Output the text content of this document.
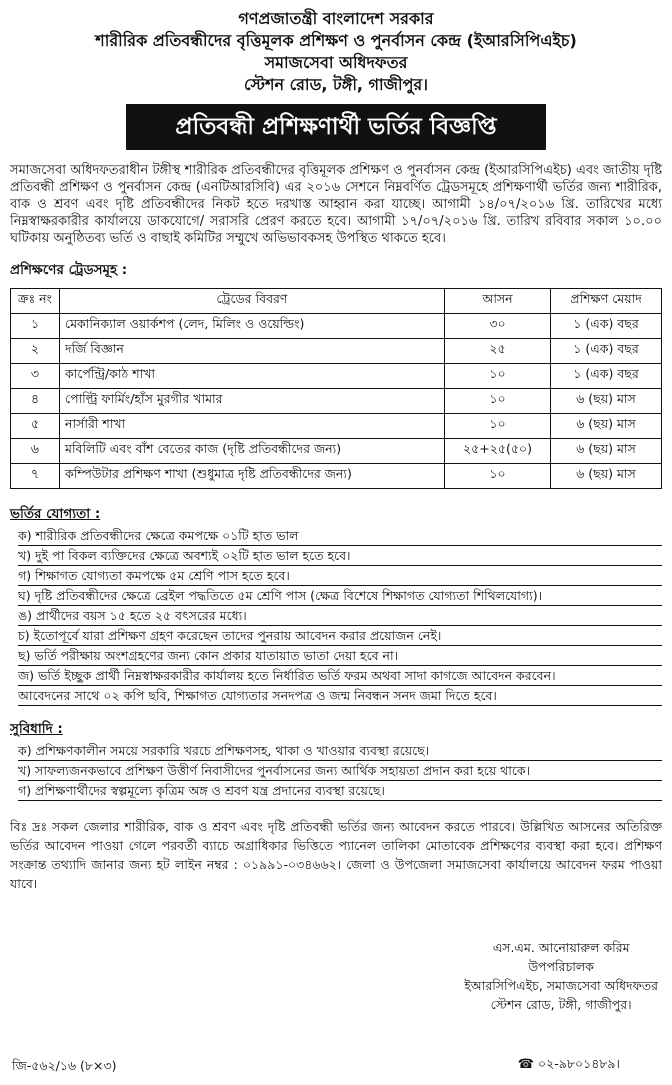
গণপ্রজাতন্ত্রী বাংলাদেশ সরকার
শারীরিক প্রতিবন্ধীদের বৃত্তিমূলক প্রশিক্ষণ ও পুনর্বাসন কেন্দ্র (ইআরসিপিএইচ)
সমাজসেবা অধিদফতর
স্টেশন রোড, টঙ্গী, গাজীপুর।
প্রতিবন্ধী প্রশিক্ষণার্থী ভর্তির বিজ্ঞপ্তি
সমাজসেবা অধিদফতরাধীন টঙ্গীস্থ শারীরিক প্রতিবন্ধীদের বৃত্তিমূলক প্রশিক্ষণ ও পুনর্বাসন কেন্দ্র (ইআরসিপিএইচ) এবং জাতীয় দৃষ্টি প্রতিবন্ধী প্রশিক্ষণ ও পুনর্বাসন কেন্দ্র (এনটিআরসিবি) এর ২০১৬ সেশনে নিম্নবর্ণিত ট্রেডসমূহে প্রশিক্ষণার্থী ভর্তির জন্য শারীরিক, বাক ও শ্রবণ এবং দৃষ্টি প্রতিবন্ধীদের নিকট হতে দরখাস্ত আহ্বান করা যাচ্ছে। আগামী ১৪/০৭/২০১৬ খ্রি. তারিখের মধ্যে নিম্নস্বাক্ষরকারীর কার্যালয়ে ডাকযোগে/ সরাসরি প্রেরণ করতে হবে। আগামী ১৭/০৭/২০১৬ খ্রি. তারিখ রবিবার সকাল ১০.০০ ঘটিকায় অনুষ্ঠিতব্য ভর্তি ও বাছাই কমিটির সম্মুখে অভিভাবকসহ উপস্থিত থাকতে হবে।
প্রশিক্ষণের ট্রেডসমূহ :
ক্রঃ নং	ট্রেডের বিবরণ	আসন	প্রশিক্ষণ মেয়াদ
১	মেকানিক্যাল ওয়ার্কশপ (লেদ, মিলিং ও ওয়েল্ডিং)	৩০	১ (এক) বছর
২	দর্জি বিজ্ঞান	২৫	১ (এক) বছর
৩	কার্পেন্ট্রি/কাঠ শাখা	১০	১ (এক) বছর
৪	পোল্ট্রি ফার্মিং/হাঁস মুরগীর খামার	১০	৬ (ছয়) মাস
৫	নার্সারী শাখা	১০	৬ (ছয়) মাস
৬	মবিলিটি এবং বাঁশ বেতের কাজ (দৃষ্টি প্রতিবন্ধীদের জন্য)	২৫+২৫(৫০)	৬ (ছয়) মাস
৭	কম্পিউটার প্রশিক্ষণ শাখা (শুধুমাত্র দৃষ্টি প্রতিবন্ধীদের জন্য)	১০	৬ (ছয়) মাস
ভর্তির যোগ্যতা :
ক) শারীরিক প্রতিবন্ধীদের ক্ষেত্রে কমপক্ষে ০১টি হাত ভাল
খ) দুই পা বিকল ব্যক্তিদের ক্ষেত্রে অবশ্যই ০২টি হাত ভাল হতে হবে।
গ) শিক্ষাগত যোগ্যতা কমপক্ষে ৫ম শ্রেণি পাস হতে হবে।
ঘ) দৃষ্টি প্রতিবন্ধীদের ক্ষেত্রে ব্রেইল পদ্ধতিতে ৫ম শ্রেণি পাস (ক্ষেত্র বিশেষে শিক্ষাগত যোগ্যতা শিথিলযোগ্য)।
ঙ) প্রার্থীদের বয়স ১৫ হতে ২৫ বৎসরের মধ্যে।
চ) ইতোপূর্বে যারা প্রশিক্ষণ গ্রহণ করেছেন তাদের পুনরায় আবেদন করার প্রয়োজন নেই।
ছ) ভর্তি পরীক্ষায় অংশগ্রহণের জন্য কোন প্রকার যাতায়াত ভাতা দেয়া হবে না।
জ) ভর্তি ইচ্ছুক প্রার্থী নিম্নস্বাক্ষরকারীর কার্যালয় হতে নির্ধারিত ভর্তি ফরম অথবা সাদা কাগজে আবেদন করবেন।
আবেদনের সাথে ০২ কপি ছবি, শিক্ষাগত যোগ্যতার সনদপত্র ও জন্ম নিবন্ধন সনদ জমা দিতে হবে।
সুবিধাদি :
ক) প্রশিক্ষণকালীন সময়ে সরকারি খরচে প্রশিক্ষণসহ, থাকা ও খাওয়ার ব্যবস্থা রয়েছে।
খ) সাফল্যজনকভাবে প্রশিক্ষণ উত্তীর্ণ নিবাসীদের পুনর্বাসনের জন্য আর্থিক সহায়তা প্রদান করা হয়ে থাকে।
গ) প্রশিক্ষণার্থীদের স্বল্পমূল্যে কৃত্রিম অঙ্গ ও শ্রবণ যন্ত্র প্রদানের ব্যবস্থা রয়েছে।
বিঃ দ্রঃ সকল জেলার শারীরিক, বাক ও শ্রবণ এবং দৃষ্টি প্রতিবন্ধী ভর্তির জন্য আবেদন করতে পারবে। উল্লিখিত আসনের অতিরিক্ত ভর্তির আবেদন পাওয়া গেলে পরবর্তী ব্যাচে অগ্রাধিকার ভিত্তিতে প্যানেল তালিকা মোতাবেক প্রশিক্ষণের ব্যবস্থা করা হবে। প্রশিক্ষণ সংক্রান্ত তথ্যাদি জানার জন্য হট লাইন নম্বর : ০১৯৯১-০৩৪৬৬২। জেলা ও উপজেলা সমাজসেবা কার্যালয়ে আবেদন ফরম পাওয়া যাবে।
এস.এম. আনোয়ারুল করিম
উপপরিচালক
ইআরসিপিএইচ, সমাজসেবা অধিদফতর
স্টেশন রোড, টঙ্গী, গাজীপুর।
জি-৫৬২/১৬ (৮×৩)	☎ ০২-৯৮০১৪৮৯।
